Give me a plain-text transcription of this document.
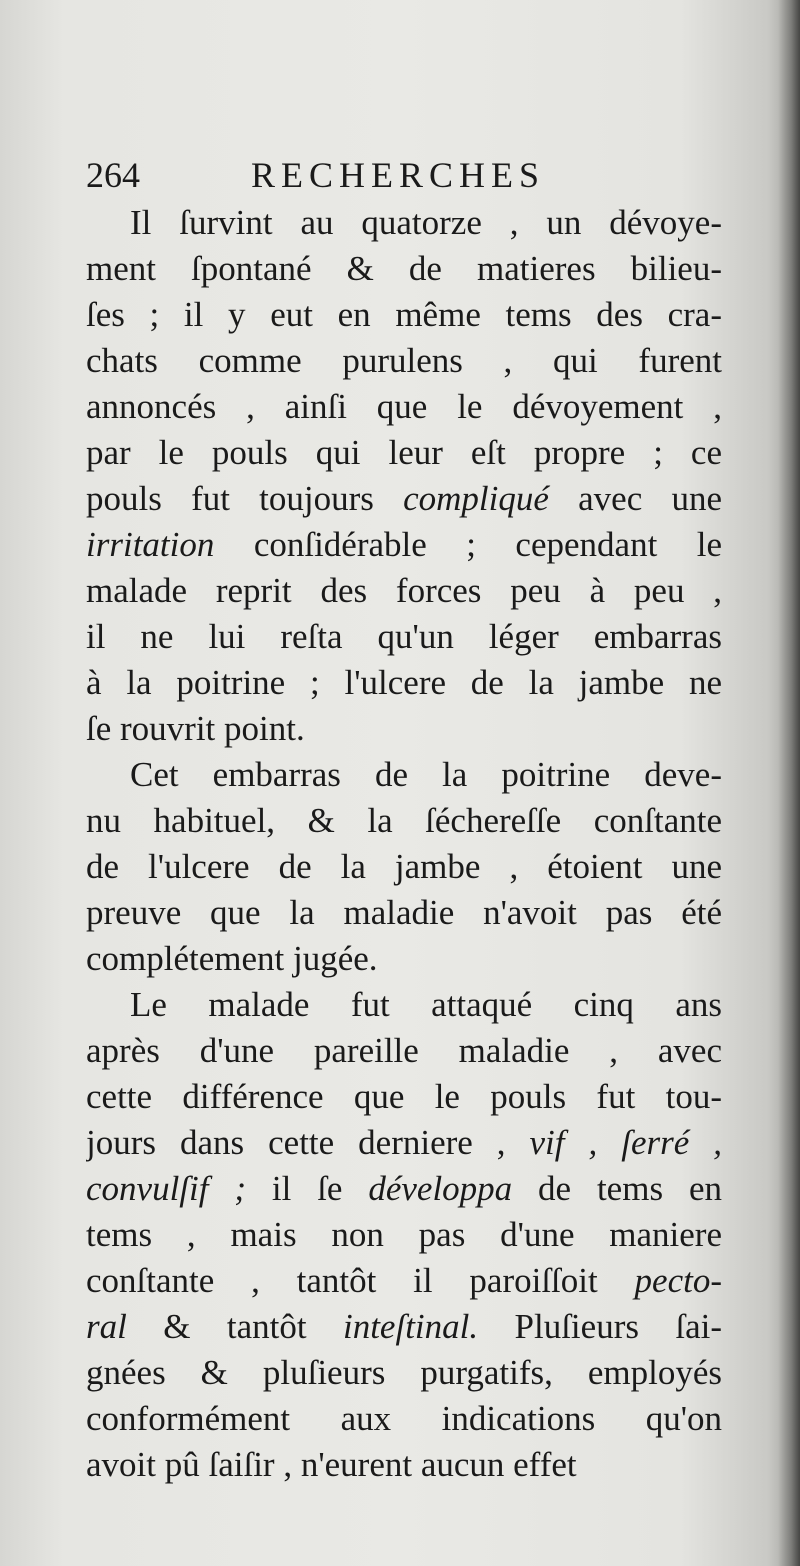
264	RECHERCHES
Il ſurvint au quatorze , un dévoye-
ment ſpontané & de matieres bilieu-
ſes ; il y eut en même tems des cra-
chats comme purulens , qui furent
annoncés , ainſi que le dévoyement ,
par le pouls qui leur eſt propre ; ce
pouls fut toujours compliqué avec une
irritation conſidérable ; cependant le
malade reprit des forces peu à peu ,
il ne lui reſta qu'un léger embarras
à la poitrine ; l'ulcere de la jambe ne
ſe rouvrit point.
Cet embarras de la poitrine deve-
nu habituel, & la ſéchereſſe conſtante
de l'ulcere de la jambe , étoient une
preuve que la maladie n'avoit pas été
complétement jugée.
Le malade fut attaqué cinq ans
après d'une pareille maladie , avec
cette différence que le pouls fut tou-
jours dans cette derniere , vif , ſerré ,
convulſif ; il ſe développa de tems en
tems , mais non pas d'une maniere
conſtante , tantôt il paroiſſoit pecto-
ral & tantôt inteſtinal. Pluſieurs ſai-
gnées & pluſieurs purgatifs, employés
conformément aux indications qu'on
avoit pû ſaiſir , n'eurent aucun effet
